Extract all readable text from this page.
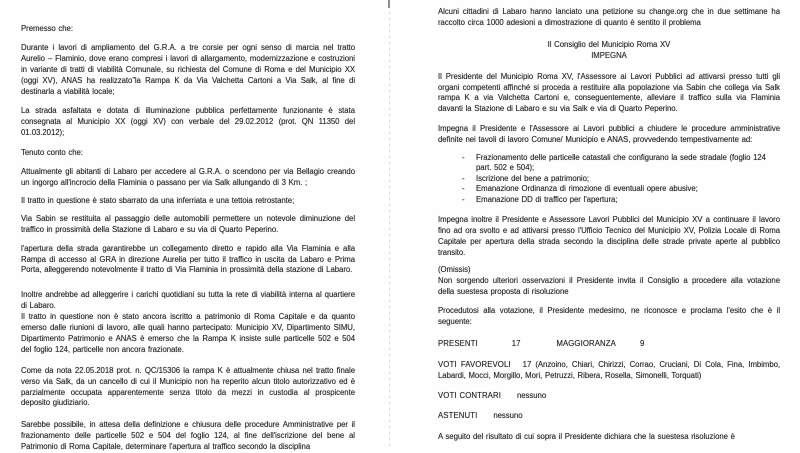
Premesso che:

Durante i lavori di ampliamento del G.R.A. a tre corsie per ogni senso di marcia nel tratto Aurelio – Flaminio, dove erano compresi i lavori di allargamento, modernizzazione e costruzioni in variante di tratti di viabilità Comunale, su richiesta del Comune di Roma e del Municipio XX (oggi XV), ANAS ha realizzato”la Rampa K da Via Valchetta Cartoni a Via Salk, al fine di destinarla a viabilità locale;

La strada asfaltata e dotata di illuminazione pubblica perfettamente funzionante è stata consegnata al Municipio XX (oggi XV) con verbale del 29.02.2012 (prot. QN 11350 del 01.03.2012);

Tenuto conto che:

Attualmente gli abitanti di Labaro per accedere al G.R.A. o scendono per via Bellagio creando un ingorgo all'incrocio della Flaminia o passano per via Salk allungando di 3 Km. ;

Il tratto in questione è stato sbarrato da una inferriata e una tettoia retrostante;

Via Sabin se restituita al passaggio delle automobili permettere un notevole diminuzione del traffico in prossimità della Stazione di Labaro e su via di Quarto Peperino.

l'apertura della strada garantirebbe un collegamento diretto e rapido alla Via Flaminia e alla Rampa di accesso al GRA in direzione Aurelia per tutto il traffico in uscita da Labaro e Prima Porta, alleggerendo notevolmente il tratto di Via Flaminia in prossimità della stazione di Labaro.

Inoltre andrebbe ad alleggerire i carichi quotidiani su tutta la rete di viabilità interna al quartiere di Labaro.

Il tratto in questione non è stato ancora iscritto a patrimonio di Roma Capitale e da quanto emerso dalle riunioni di lavoro, alle quali hanno partecipato: Municipio XV, Dipartimento SIMU, Dipartimento Patrimonio e ANAS è emerso che la Rampa K insiste sulle particelle 502 e 504 del foglio 124, particelle non ancora frazionate.

Come da nota 22.05.2018 prot. n. QC/15306 la rampa K è attualmente chiusa nel tratto finale verso via Salk, da un cancello di cui il Municipio non ha reperito alcun titolo autorizzativo ed è parzialmente occupata apparentemente senza titolo da mezzi in custodia al prospicente deposito giudiziario.

Sarebbe possibile, in attesa della definizione e chiusura delle procedure Amministrative per il frazionamento delle particelle 502 e 504 del foglio 124, al fine dell'iscrizione del bene al Patrimonio di Roma Capitale, determinare l'apertura al traffico secondo la disciplina

Alcuni cittadini di Labaro hanno lanciato una petizione su change.org che in due settimane ha raccolto circa 1000 adesioni a dimostrazione di quanto è sentito il problema

Il Consiglio del Municipio Roma XV

IMPEGNA

Il Presidente del Municipio Roma XV, l'Assessore ai Lavori Pubblici ad attivarsi presso tutti gli organi competenti affinché si proceda a restituire alla popolazione via Sabin che collega via Salk rampa K a via Valchetta Cartoni e, conseguentemente, alleviare il traffico sulla via Flaminia davanti la Stazione di Labaro e su via Salk e via di Quarto Peperino.

Impegna il Presidente e l'Assessore ai Lavori pubblici a chiudere le procedure amministrative definite nei tavoli di lavoro Comune/ Municipio e ANAS, provvedendo tempestivamente ad:

- Frazionamento delle particelle catastali che configurano la sede stradale (foglio 124 part. 502 e 504);
- Iscrizione del bene a patrimonio;
- Emanazione Ordinanza di rimozione di eventuali opere abusive;
- Emanazione DD di traffico per l'apertura;

Impegna inoltre il Presidente e Assessore Lavori Pubblici del Municipio XV a continuare il lavoro fino ad ora svolto e ad attivarsi presso l'Ufficio Tecnico del Municipio XV, Polizia Locale di Roma Capitale per apertura della strada secondo la disciplina delle strade private aperte al pubblico transito.

(Omissis)
Non sorgendo ulteriori osservazioni il Presidente invita il Consiglio a procedere alla votazione della suestesa proposta di risoluzione

Procedutosi alla votazione, il Presidente medesimo, ne riconosce e proclama l'esito che è il seguente:

PRESENTI	17	MAGGIORANZA	9
VOTI FAVOREVOLI 17 (Anzoino, Chiari, Chirizzi, Corrao, Cruciani, Di Cola, Fina, Imbimbo, Labardi, Mocci, Morgillo, Mori, Petruzzi, Ribera, Rosella, Simonelli, Torquati)
VOTI CONTRARI nessuno
ASTENUTI nessuno

A seguito del risultato di cui sopra il Presidente dichiara che la suestesa risoluzione è
